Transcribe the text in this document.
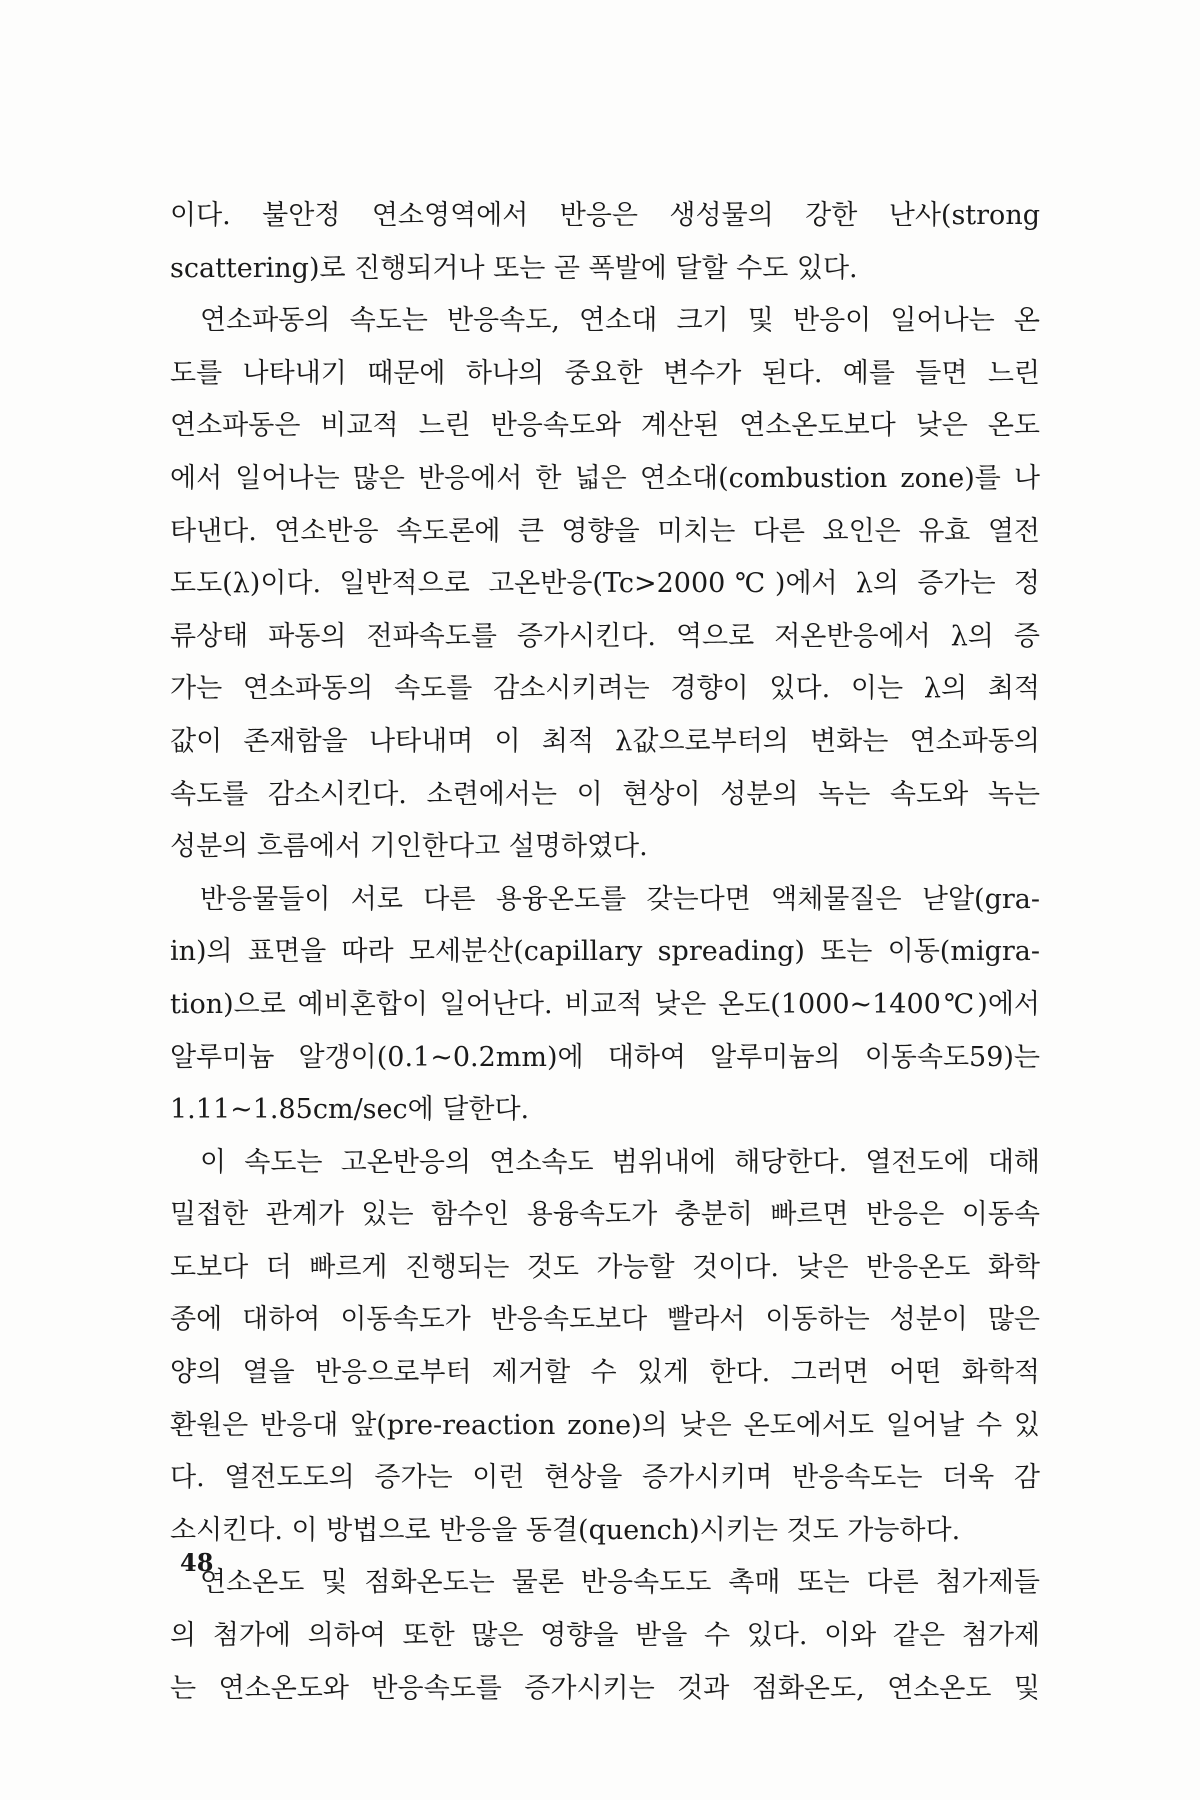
이다. 불안정 연소영역에서 반응은 생성물의 강한 난사(strong
scattering)로 진행되거나 또는 곧 폭발에 달할 수도 있다.
연소파동의 속도는 반응속도, 연소대 크기 및 반응이 일어나는 온
도를 나타내기 때문에 하나의 중요한 변수가 된다. 예를 들면 느린
연소파동은 비교적 느린 반응속도와 계산된 연소온도보다 낮은 온도
에서 일어나는 많은 반응에서 한 넓은 연소대(combustion zone)를 나
타낸다. 연소반응 속도론에 큰 영향을 미치는 다른 요인은 유효 열전
도도(λ)이다. 일반적으로 고온반응(Tc>2000℃)에서 λ의 증가는 정
류상태 파동의 전파속도를 증가시킨다. 역으로 저온반응에서 λ의 증
가는 연소파동의 속도를 감소시키려는 경향이 있다. 이는 λ의 최적
값이 존재함을 나타내며 이 최적 λ값으로부터의 변화는 연소파동의
속도를 감소시킨다. 소련에서는 이 현상이 성분의 녹는 속도와 녹는
성분의 흐름에서 기인한다고 설명하였다.
반응물들이 서로 다른 용융온도를 갖는다면 액체물질은 낟알(gra-
in)의 표면을 따라 모세분산(capillary spreading) 또는 이동(migra-
tion)으로 예비혼합이 일어난다. 비교적 낮은 온도(1000~1400℃)에서
알루미늄 알갱이(0.1~0.2mm)에 대하여 알루미늄의 이동속도59)는
1.11~1.85cm/sec에 달한다.
이 속도는 고온반응의 연소속도 범위내에 해당한다. 열전도에 대해
밀접한 관계가 있는 함수인 용융속도가 충분히 빠르면 반응은 이동속
도보다 더 빠르게 진행되는 것도 가능할 것이다. 낮은 반응온도 화학
종에 대하여 이동속도가 반응속도보다 빨라서 이동하는 성분이 많은
양의 열을 반응으로부터 제거할 수 있게 한다. 그러면 어떤 화학적
환원은 반응대 앞(pre-reaction zone)의 낮은 온도에서도 일어날 수 있
다. 열전도도의 증가는 이런 현상을 증가시키며 반응속도는 더욱 감
소시킨다. 이 방법으로 반응을 동결(quench)시키는 것도 가능하다.
연소온도 및 점화온도는 물론 반응속도도 촉매 또는 다른 첨가제들
의 첨가에 의하여 또한 많은 영향을 받을 수 있다. 이와 같은 첨가제
는 연소온도와 반응속도를 증가시키는 것과 점화온도, 연소온도 및
48
